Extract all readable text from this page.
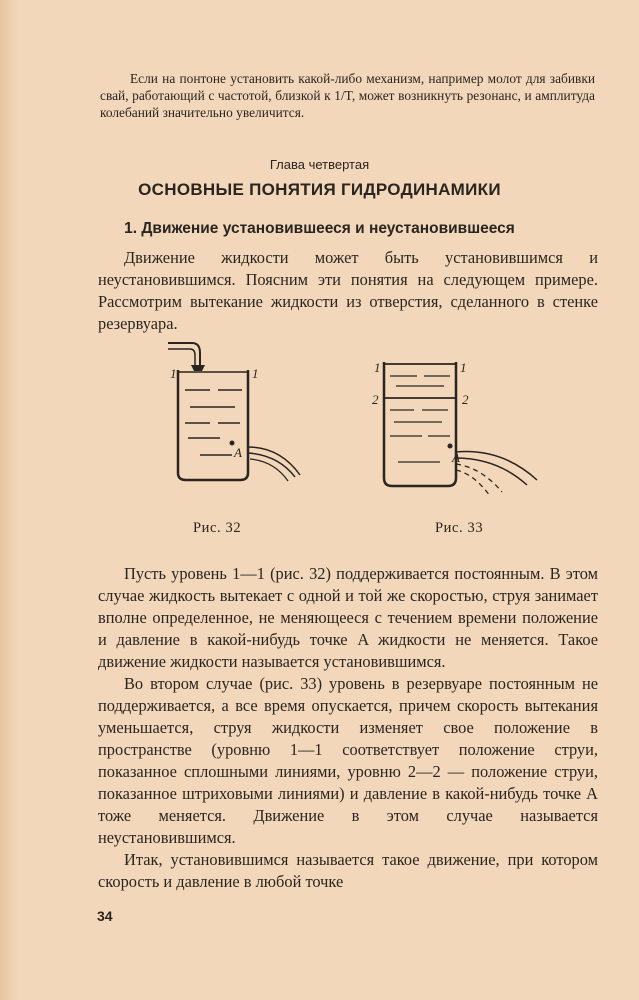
Если на понтоне установить какой-либо механизм, например молот для забивки свай, работающий с частотой, близкой к 1/T, может возникнуть резонанс, и амплитуда колебаний значительно увеличится.

Глава четвертая
ОСНОВНЫЕ ПОНЯТИЯ ГИДРОДИНАМИКИ
1. Движение установившееся и неустановившееся

Движение жидкости может быть установившимся и неустановившимся. Поясним эти понятия на следующем примере. Рассмотрим вытекание жидкости из отверстия, сделанного в стенке резервуара.

1	1
A
1	1
2	2
A
Рис. 32	Рис. 33

Пусть уровень 1—1 (рис. 32) поддерживается постоянным. В этом случае жидкость вытекает с одной и той же скоростью, струя занимает вполне определенное, не меняющееся с течением времени положение и давление в какой-нибудь точке A жидкости не меняется. Такое движение жидкости называется установившимся.

Во втором случае (рис. 33) уровень в резервуаре постоянным не поддерживается, а все время опускается, причем скорость вытекания уменьшается, струя жидкости изменяет свое положение в пространстве (уровню 1—1 соответствует положение струи, показанное сплошными линиями, уровню 2—2 — положение струи, показанное штриховыми линиями) и давление в какой-нибудь точке A тоже меняется. Движение в этом случае называется неустановившимся.

Итак, установившимся называется такое движение, при котором скорость и давление в любой точке

34
